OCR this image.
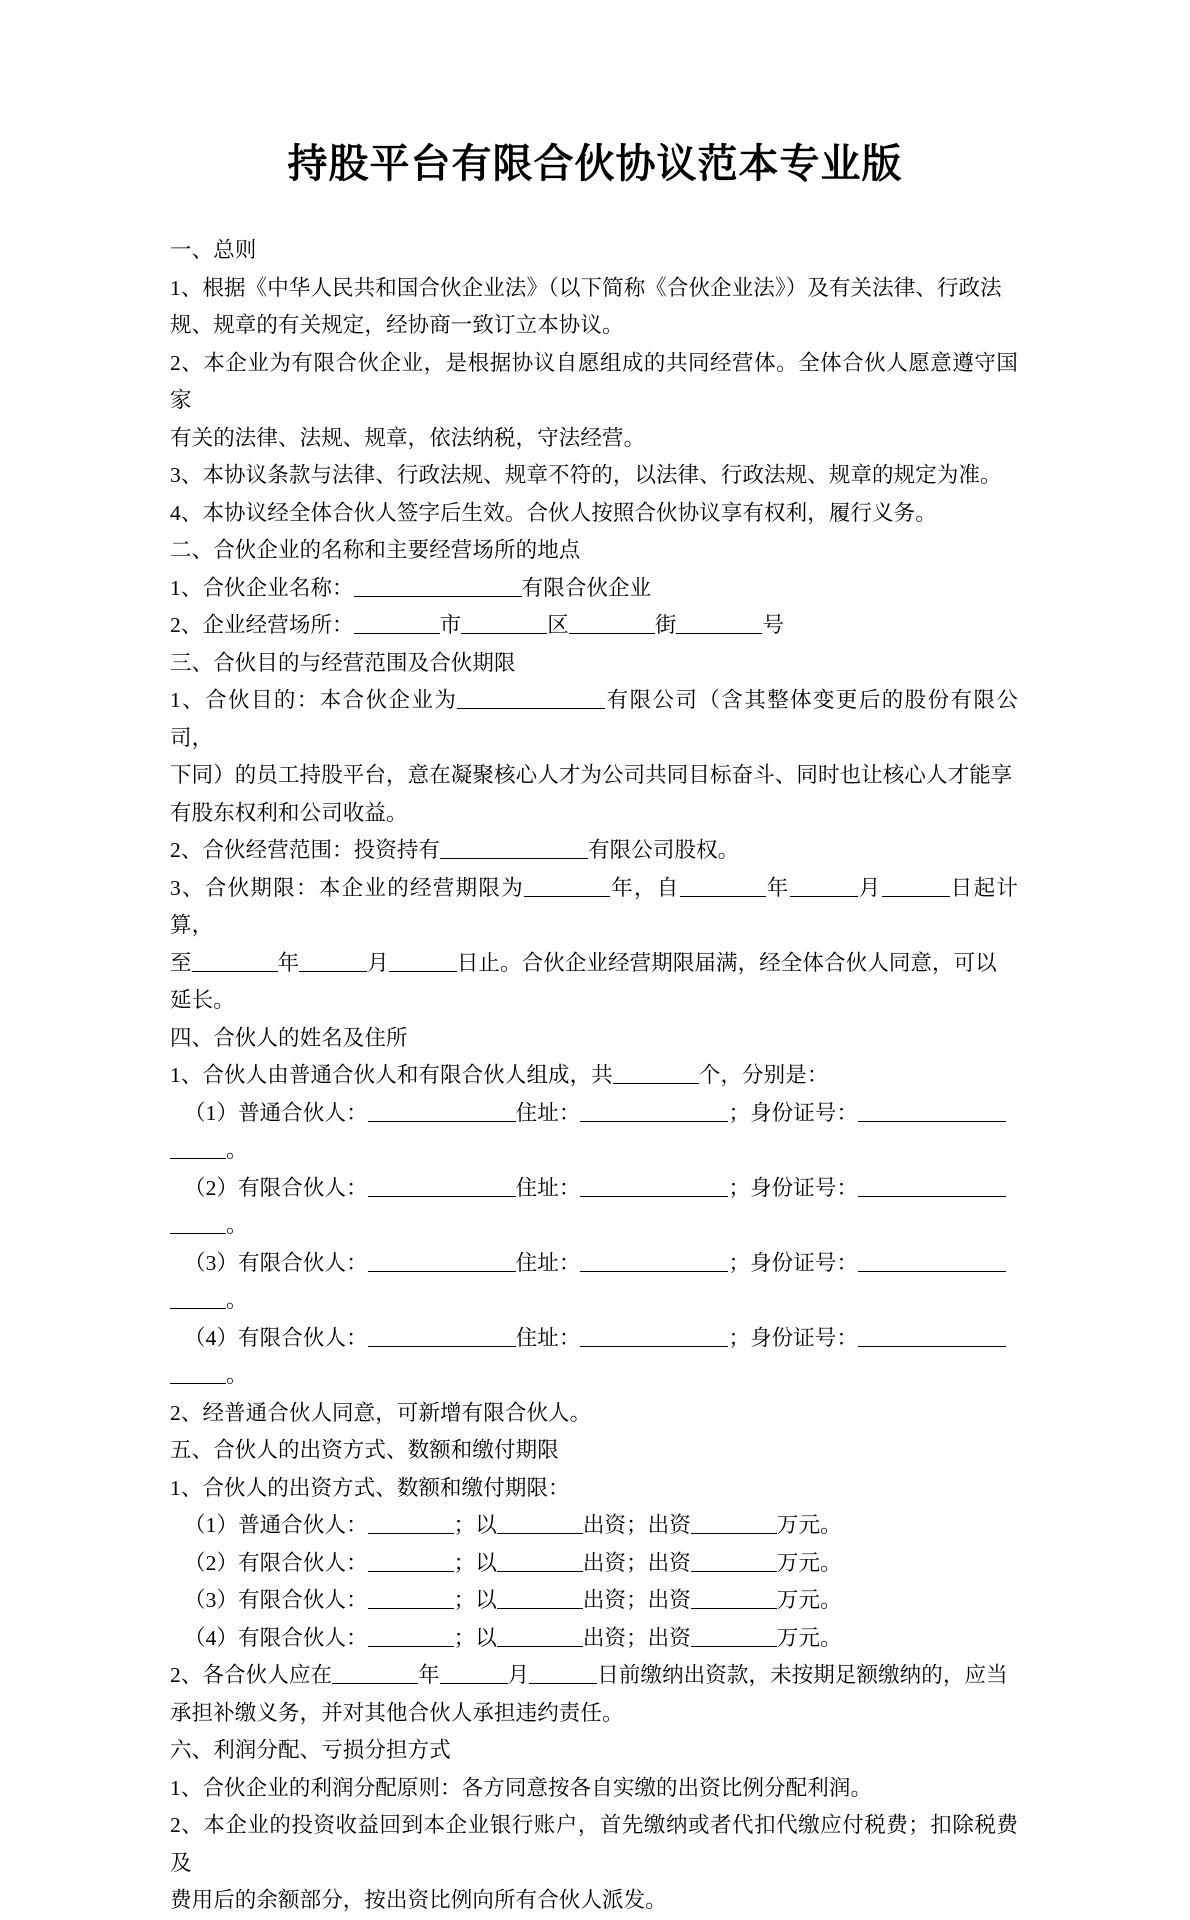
持股平台有限合伙协议范本专业版
一、总则
1、根据《中华人民共和国合伙企业法》（以下简称《合伙企业法》）及有关法律、行政法
规、规章的有关规定，经协商一致订立本协议。
2、本企业为有限合伙企业，是根据协议自愿组成的共同经营体。全体合伙人愿意遵守国家
有关的法律、法规、规章，依法纳税，守法经营。
3、本协议条款与法律、行政法规、规章不符的，以法律、行政法规、规章的规定为准。
4、本协议经全体合伙人签字后生效。合伙人按照合伙协议享有权利，履行义务。
二、合伙企业的名称和主要经营场所的地点
1、合伙企业名称：	有限合伙企业
2、企业经营场所：	市	区	街	号
三、合伙目的与经营范围及合伙期限
1、合伙目的：本合伙企业为	有限公司（含其整体变更后的股份有限公司，
下同）的员工持股平台，意在凝聚核心人才为公司共同目标奋斗、同时也让核心人才能享
有股东权利和公司收益。
2、合伙经营范围：投资持有	有限公司股权。
3、合伙期限：本企业的经营期限为	年，自	年	月	日起计算，
至	年	月	日止。合伙企业经营期限届满，经全体合伙人同意，可以
延长。
四、合伙人的姓名及住所
1、合伙人由普通合伙人和有限合伙人组成，共	个，分别是：
（1）普通合伙人：	住址：	；身份证号：
。
（2）有限合伙人：	住址：	；身份证号：
。
（3）有限合伙人：	住址：	；身份证号：
。
（4）有限合伙人：	住址：	；身份证号：
。
2、经普通合伙人同意，可新增有限合伙人。
五、合伙人的出资方式、数额和缴付期限
1、合伙人的出资方式、数额和缴付期限：
（1）普通合伙人：	；以	出资；出资	万元。
（2）有限合伙人：	；以	出资；出资	万元。
（3）有限合伙人：	；以	出资；出资	万元。
（4）有限合伙人：	；以	出资；出资	万元。
2、各合伙人应在	年	月	日前缴纳出资款，未按期足额缴纳的，应当
承担补缴义务，并对其他合伙人承担违约责任。
六、利润分配、亏损分担方式
1、合伙企业的利润分配原则：各方同意按各自实缴的出资比例分配利润。
2、本企业的投资收益回到本企业银行账户，首先缴纳或者代扣代缴应付税费；扣除税费及
费用后的余额部分，按出资比例向所有合伙人派发。
